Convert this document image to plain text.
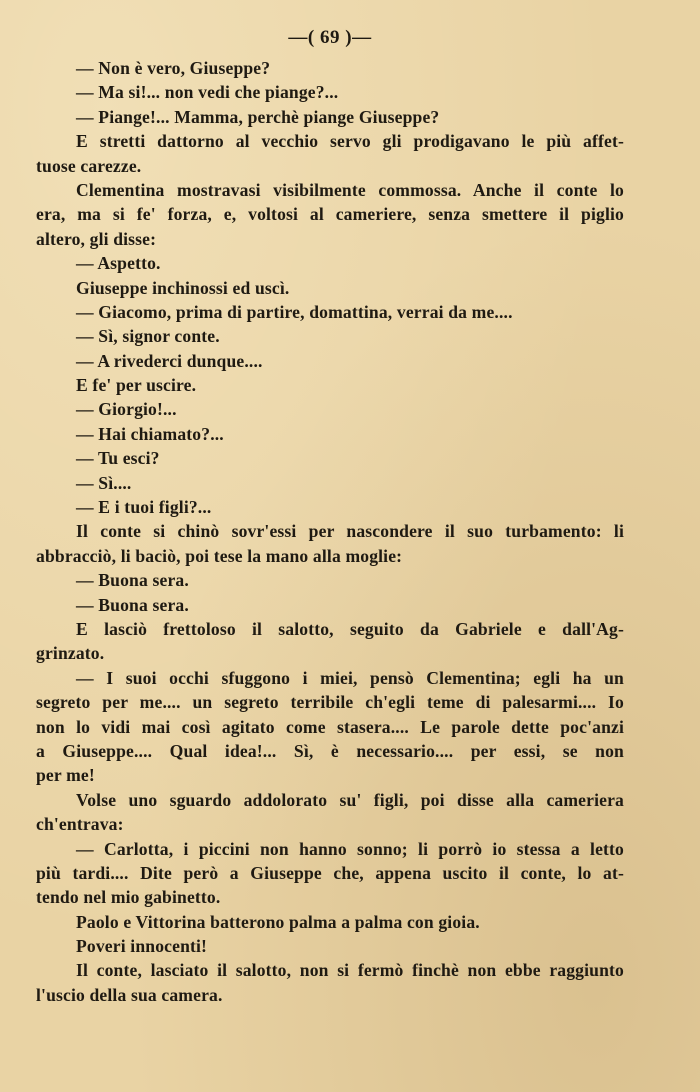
—( 69 )—
— Non è vero, Giuseppe?
— Ma si!... non vedi che piange?...
— Piange!... Mamma, perchè piange Giuseppe?
E stretti dattorno al vecchio servo gli prodigavano le più affet-
tuose carezze.
Clementina mostravasi visibilmente commossa. Anche il conte lo
era, ma si fe' forza, e, voltosi al cameriere, senza smettere il piglio
altero, gli disse:
— Aspetto.
Giuseppe inchinossi ed uscì.
— Giacomo, prima di partire, domattina, verrai da me....
— Sì, signor conte.
— A rivederci dunque....
E fe' per uscire.
— Giorgio!...
— Hai chiamato?...
— Tu esci?
— Sì....
— E i tuoi figli?...
Il conte si chinò sovr'essi per nascondere il suo turbamento: li
abbracciò, li baciò, poi tese la mano alla moglie:
— Buona sera.
— Buona sera.
E lasciò frettoloso il salotto, seguito da Gabriele e dall'Ag-
grinzato.
— I suoi occhi sfuggono i miei, pensò Clementina; egli ha un
segreto per me.... un segreto terribile ch'egli teme di palesarmi.... Io
non lo vidi mai così agitato come stasera.... Le parole dette poc'anzi
a Giuseppe.... Qual idea!... Sì, è necessario.... per essi, se non
per me!
Volse uno sguardo addolorato su' figli, poi disse alla cameriera
ch'entrava:
— Carlotta, i piccini non hanno sonno; li porrò io stessa a letto
più tardi.... Dite però a Giuseppe che, appena uscito il conte, lo at-
tendo nel mio gabinetto.
Paolo e Vittorina batterono palma a palma con gioia.
Poveri innocenti!
Il conte, lasciato il salotto, non si fermò finchè non ebbe raggiunto
l'uscio della sua camera.
